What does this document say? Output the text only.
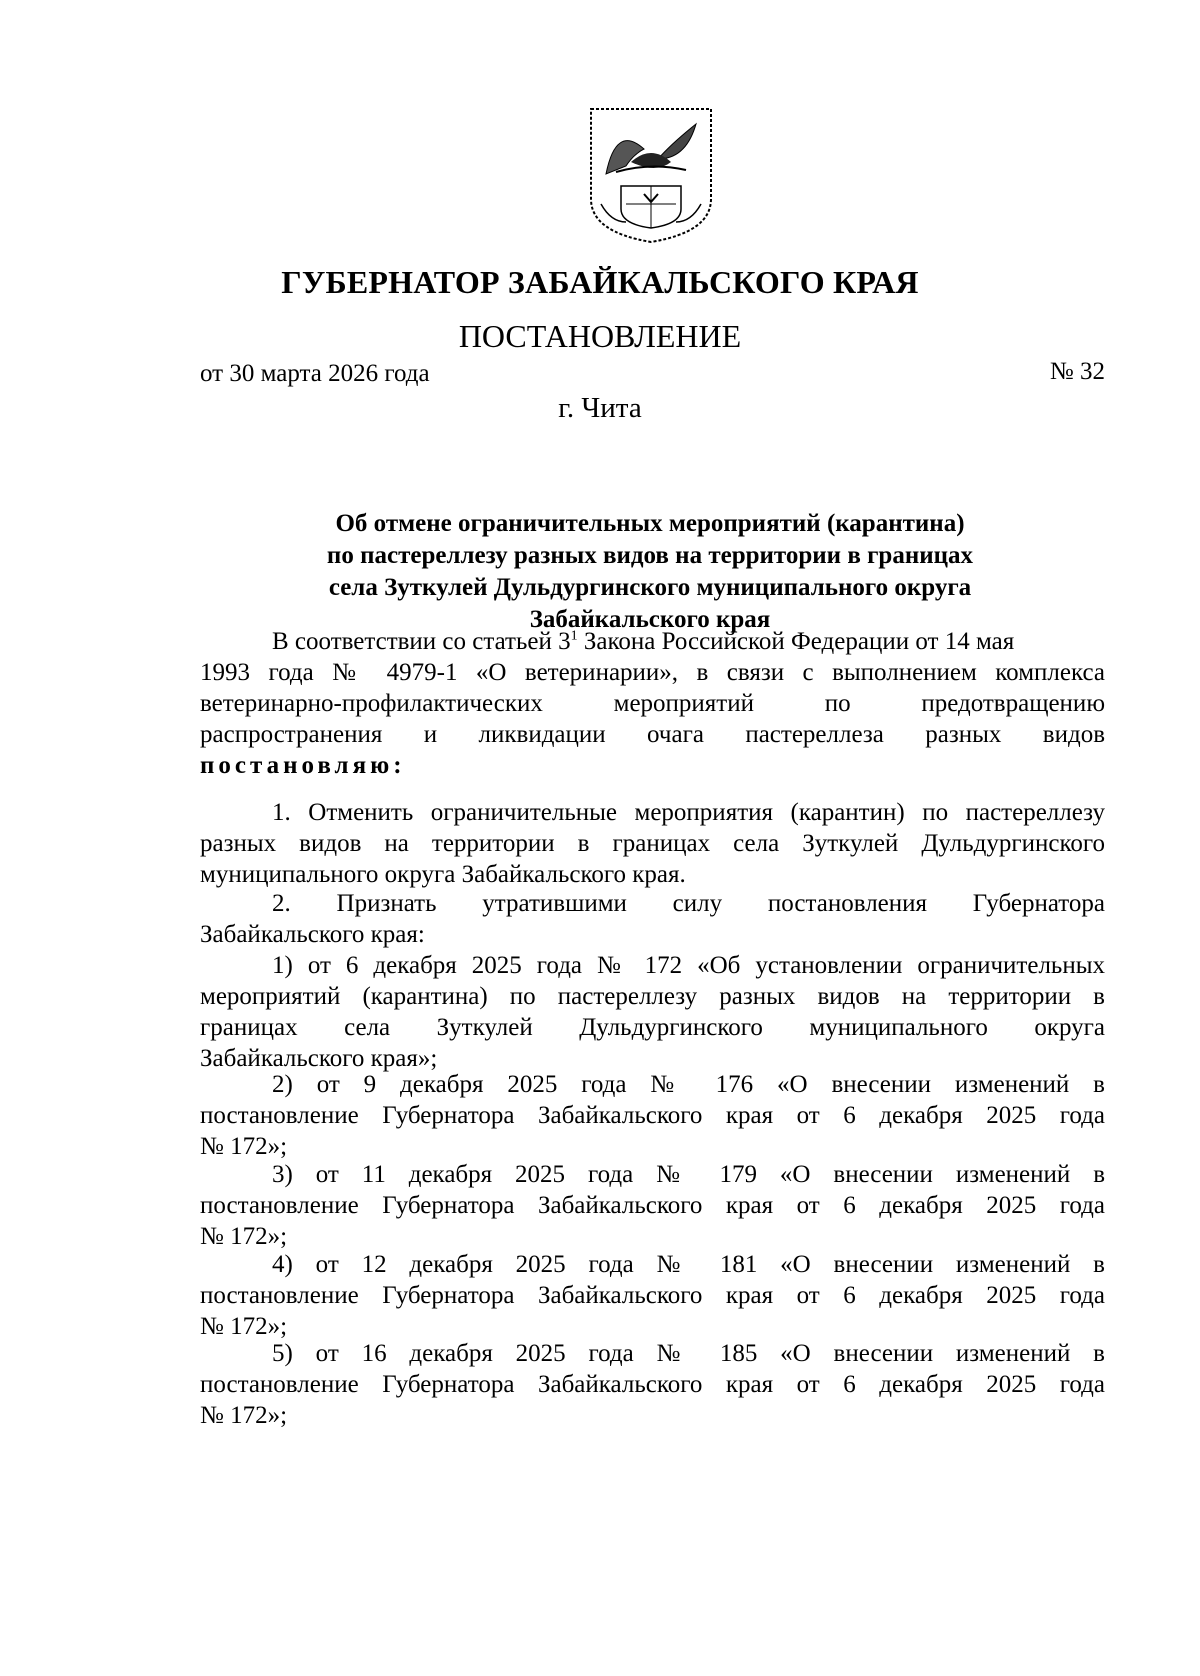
ГУБЕРНАТОР ЗАБАЙКАЛЬСКОГО КРАЯ
ПОСТАНОВЛЕНИЕ
от 30 марта 2026 года	№ 32
г. Чита
Об отмене ограничительных мероприятий (карантина)
по пастереллезу разных видов на территории в границах
села Зуткулей Дульдургинского муниципального округа
Забайкальского края
В соответствии со статьей $3^1$ Закона Российской Федерации от 14 мая
1993 года № 4979-1 «О ветеринарии», в связи с выполнением комплекса
ветеринарно-профилактических мероприятий по предотвращению
распространения и ликвидации очага пастереллеза разных видов
постановляю:
1. Отменить ограничительные мероприятия (карантин) по пастереллезу
разных видов на территории в границах села Зуткулей Дульдургинского
муниципального округа Забайкальского края.
2. Признать утратившими силу постановления Губернатора
Забайкальского края:
1) от 6 декабря 2025 года № 172 «Об установлении ограничительных
мероприятий (карантина) по пастереллезу разных видов на территории в
границах села Зуткулей Дульдургинского муниципального округа
Забайкальского края»;
2) от 9 декабря 2025 года № 176 «О внесении изменений в
постановление Губернатора Забайкальского края от 6 декабря 2025 года
№ 172»;
3) от 11 декабря 2025 года № 179 «О внесении изменений в
постановление Губернатора Забайкальского края от 6 декабря 2025 года
№ 172»;
4) от 12 декабря 2025 года № 181 «О внесении изменений в
постановление Губернатора Забайкальского края от 6 декабря 2025 года
№ 172»;
5) от 16 декабря 2025 года № 185 «О внесении изменений в
постановление Губернатора Забайкальского края от 6 декабря 2025 года
№ 172»;
